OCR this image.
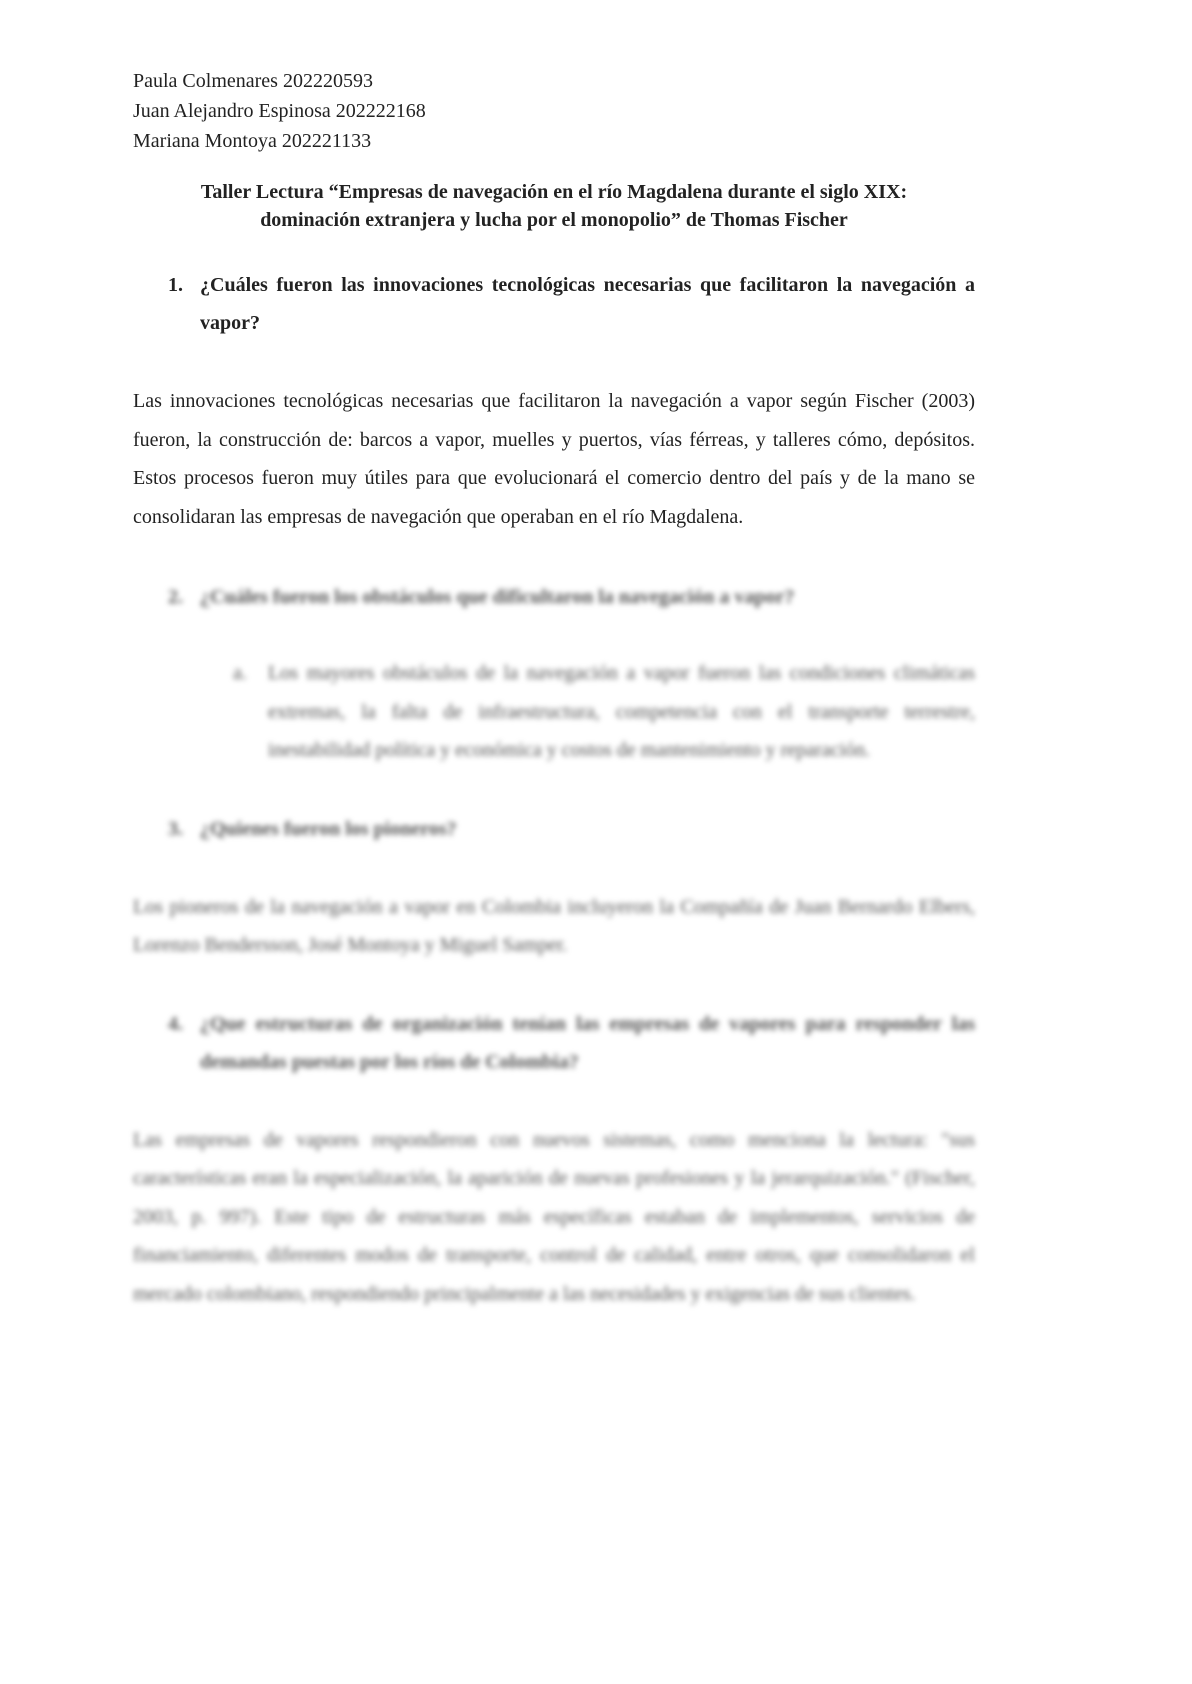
Paula Colmenares 202220593
Juan Alejandro Espinosa 202222168
Mariana Montoya 202221133
Taller Lectura “Empresas de navegación en el río Magdalena durante el siglo XIX:
dominación extranjera y lucha por el monopolio” de Thomas Fischer
1. ¿Cuáles fueron las innovaciones tecnológicas necesarias que facilitaron la navegación a vapor?
Las innovaciones tecnológicas necesarias que facilitaron la navegación a vapor según Fischer (2003) fueron, la construcción de: barcos a vapor, muelles y puertos, vías férreas, y talleres cómo, depósitos. Estos procesos fueron muy útiles para que evolucionará el comercio dentro del país y de la mano se consolidaran las empresas de navegación que operaban en el río Magdalena.
2. ¿Cuáles fueron los obstáculos que dificultaron la navegación a vapor?
a. Los mayores obstáculos de la navegación a vapor fueron las condiciones climáticas extremas, la falta de infraestructura, competencia con el transporte terrestre, inestabilidad política y económica y costos de mantenimiento y reparación.
3. ¿Quienes fueron los pioneros?
Los pioneros de la navegación a vapor en Colombia incluyeron la Compañía de Juan Bernardo Elbers, Lorenzo Bendersson, José Montoya y Miguel Samper.
4. ¿Que estructuras de organización tenían las empresas de vapores para responder las demandas puestas por los ríos de Colombia?
Las empresas de vapores respondieron con nuevos sistemas, como menciona la lectura: "sus características eran la especialización, la aparición de nuevas profesiones y la jerarquización." (Fischer, 2003, p. 997). Este tipo de estructuras más específicas estaban de implementos, servicios de financiamiento, diferentes modos de transporte, control de calidad, entre otros, que consolidaron el mercado colombiano, respondiendo principalmente a las necesidades y exigencias de sus clientes.
